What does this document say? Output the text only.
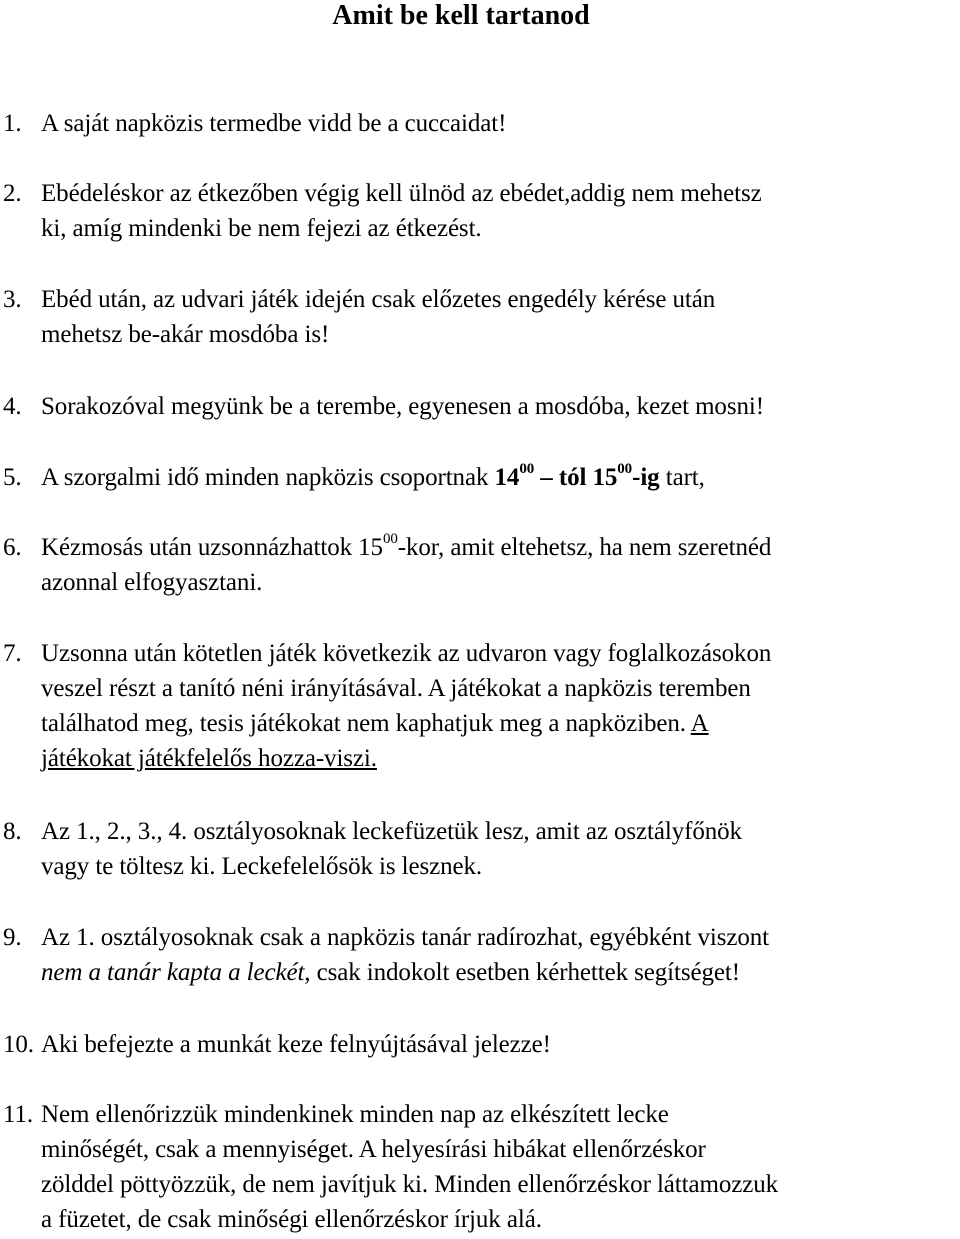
Amit be kell tartanod
1. A saját napközis termedbe vidd be a cuccaidat!
2. Ebédeléskor az étkezőben végig kell ülnöd az ebédet,addig nem mehetsz
ki, amíg mindenki be nem fejezi az étkezést.
3. Ebéd után, az udvari játék idején csak előzetes engedély kérése után
mehetsz be-akár mosdóba is!
4. Sorakozóval megyünk be a terembe, egyenesen a mosdóba, kezet mosni!
5. A szorgalmi idő minden napközis csoportnak $14^{00}$ – tól $15^{00}-ig$ tart,
6. Kézmosás után uzsonnázhattok $15^{00}$-kor, amit eltehetsz, ha nem szeretnéd
azonnal elfogyasztani.
7. Uzsonna után kötetlen játék következik az udvaron vagy foglalkozásokon
veszel részt a tanító néni irányításával. A játékokat a napközis teremben
találhatod meg, tesis játékokat nem kaphatjuk meg a napköziben. A
játékokat játékfelelős hozza-viszi.
8. Az 1., 2., 3., 4. osztályosoknak leckefüzetük lesz, amit az osztályfőnök
vagy te töltesz ki. Leckefelelősök is lesznek.
9. Az 1. osztályosoknak csak a napközis tanár radírozhat, egyébként viszont
nem a tanár kapta a leckét, csak indokolt esetben kérhettek segítséget!
10. Aki befejezte a munkát keze felnyújtásával jelezze!
11. Nem ellenőrizzük mindenkinek minden nap az elkészített lecke
minőségét, csak a mennyiséget. A helyesírási hibákat ellenőrzéskor
zölddel pöttyözzük, de nem javítjuk ki. Minden ellenőrzéskor láttamozzuk
a füzetet, de csak minőségi ellenőrzéskor írjuk alá.
